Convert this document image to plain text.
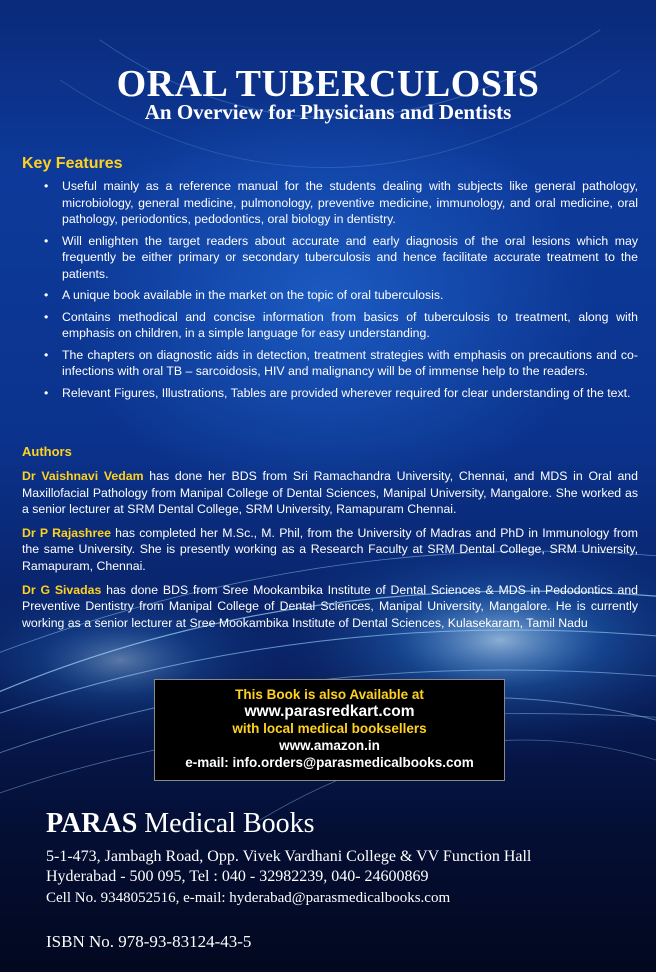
ORAL TUBERCULOSIS
An Overview for Physicians and Dentists
Key Features
• Useful mainly as a reference manual for the students dealing with subjects like general pathology, microbiology, general medicine, pulmonology, preventive medicine, immunology, and oral medicine, oral pathology, periodontics, pedodontics, oral biology in dentistry.
• Will enlighten the target readers about accurate and early diagnosis of the oral lesions which may frequently be either primary or secondary tuberculosis and hence facilitate accurate treatment to the patients.
• A unique book available in the market on the topic of oral tuberculosis.
• Contains methodical and concise information from basics of tuberculosis to treatment, along with emphasis on children, in a simple language for easy understanding.
• The chapters on diagnostic aids in detection, treatment strategies with emphasis on precautions and co-infections with oral TB – sarcoidosis, HIV and malignancy will be of immense help to the readers.
• Relevant Figures, Illustrations, Tables are provided wherever required for clear understanding of the text.
Authors

Dr Vaishnavi Vedam has done her BDS from Sri Ramachandra University, Chennai, and MDS in Oral and Maxillofacial Pathology from Manipal College of Dental Sciences, Manipal University, Mangalore. She worked as a senior lecturer at SRM Dental College, SRM University, Ramapuram Chennai.

Dr P Rajashree has completed her M.Sc., M. Phil, from the University of Madras and PhD in Immunology from the same University. She is presently working as a Research Faculty at SRM Dental College, SRM University, Ramapuram, Chennai.

Dr G Sivadas has done BDS from Sree Mookambika Institute of Dental Sciences & MDS in Pedodontics and Preventive Dentistry from Manipal College of Dental Sciences, Manipal University, Mangalore. He is currently working as a senior lecturer at Sree Mookambika Institute of Dental Sciences, Kulasekaram, Tamil Nadu

This Book is also Available at
www.parasredkart.com
with local medical booksellers
www.amazon.in
e-mail: info.orders@parasmedicalbooks.com
PARAS Medical Books
5-1-473, Jambagh Road, Opp. Vivek Vardhani College & VV Function Hall
Hyderabad - 500 095, Tel : 040 - 32982239, 040- 24600869
Cell No. 9348052516, e-mail: hyderabad@parasmedicalbooks.com
ISBN No. 978-93-83124-43-5
